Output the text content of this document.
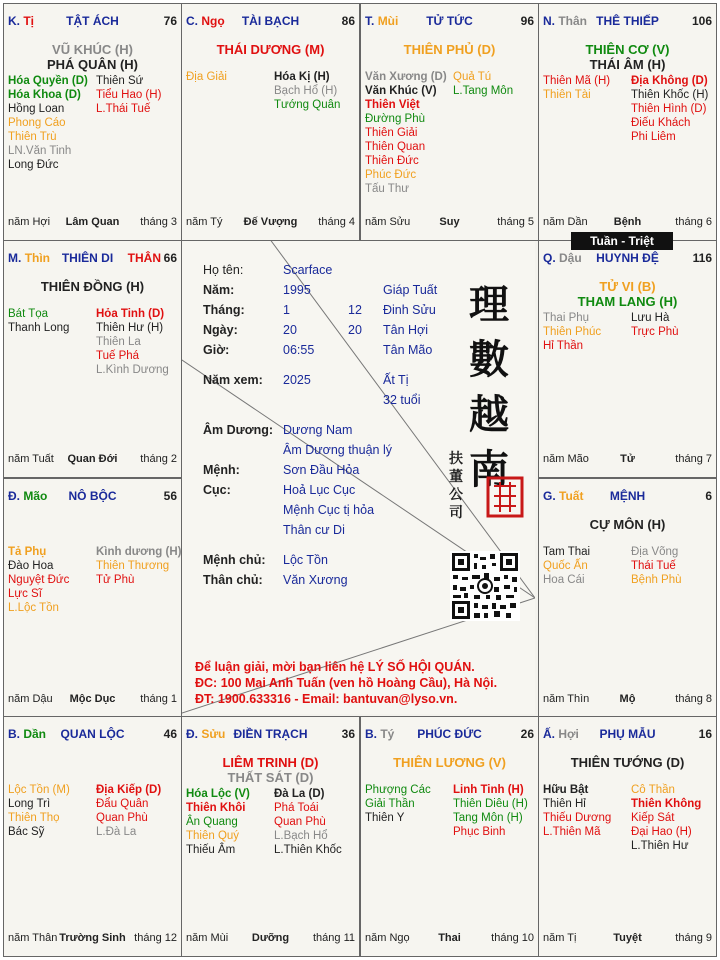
Tuần - Triệt
Họ tên:	Scarface
Năm:	1995	Giáp Tuất
Tháng:	1	12 Đinh Sửu
Ngày:	20	20 Tân Hợi
Giờ:	06:55	Tân Mão
Năm xem: 2025	Ất Tị
32 tuổi
Âm Dương: Dương Nam
Âm Dương thuận lý
Mệnh:	Sơn Đầu Hỏa
Cục:	Hoả Lục Cục
Mệnh Cục tị hỏa
Thân cư Di
Mệnh chủ: Lộc Tồn
Thân chủ: Văn Xương
理
數
越
南
扶
董
公
司
Để luận giải, mời bạn liên hệ LÝ SỐ HỘI QUÁN.
ĐC: 100 Mai Anh Tuấn (ven hồ Hoàng Cầu), Hà Nội.
ĐT: 1900.633316 - Email: bantuvan@lyso.vn.
K. Tị	TẬT ÁCH	76
VŨ KHÚC (H)
PHÁ QUÂN (H)
Hóa Quyền (D)
Hóa Khoa (D)
Hồng Loan
Phong Cáo
Thiên Trù
LN.Văn Tinh
Long Đức
Thiên Sứ
Tiểu Hao (H)
L.Thái Tuế
năm Hợi	Lâm Quan	tháng 3
C. Ngọ	TÀI BẠCH	86
THÁI DƯƠNG (M)
Địa Giải	Hóa Kị (H)
Bạch Hổ (H)
Tướng Quân
năm Tý	Đế Vượng	tháng 4
T. Mùi	TỬ TỨC	96
THIÊN PHỦ (D)
Văn Xương (D)
Văn Khúc (V)
Thiên Việt
Đường Phù
Thiên Giải
Thiên Quan
Thiên Đức
Phúc Đức
Tấu Thư
Quả Tú
L.Tang Môn
năm Sửu	Suy	tháng 5
N. Thân THÊ THIẾP	106
THIÊN CƠ (V)
THÁI ÂM (H)
Thiên Mã (H)
Thiên Tài
Địa Không (D)
Thiên Khốc (H)
Thiên Hình (D)
Điếu Khách
Phi Liêm
năm Dần	Bệnh	tháng 6
M. Thìn THIÊN DI	THÂN 66
THIÊN ĐỒNG (H)
Bát Tọa
Thanh Long
Hỏa Tinh (D)
Thiên Hư (H)
Thiên La
Tuế Phá
L.Kình Dương
năm Tuất	Quan Đới	tháng 2
Q. Dậu	HUYNH ĐỆ	116
TỬ VI (B)
THAM LANG (H)
Thai Phụ
Thiên Phúc
Hỉ Thần
Lưu Hà
Trực Phù
năm Mão	Tử	tháng 7
Đ. Mão	NÔ BỘC	56
Tả Phụ
Đào Hoa
Nguyệt Đức
Lực Sĩ
L.Lộc Tồn
Kình dương (H)
Thiên Thương
Tử Phù
năm Dậu	Mộc Dục	tháng 1
G. Tuất	MỆNH	6
CỰ MÔN (H)
Tam Thai
Quốc Ấn
Hoa Cái
Địa Võng
Thái Tuế
Bệnh Phù
năm Thìn	Mộ	tháng 8
B. Dần	QUAN LỘC	46
Lộc Tồn (M)
Long Trì
Thiên Thọ
Bác Sỹ
Địa Kiếp (D)
Đẩu Quân
Quan Phù
L.Đà La
năm Thân Trường Sinh tháng 12
Đ. Sửu ĐIỀN TRẠCH	36
LIÊM TRINH (D)
THẤT SÁT (D)
Hóa Lộc (V)
Thiên Khôi
Ân Quang
Thiên Quý
Thiếu Âm
Đà La (D)
Phá Toái
Quan Phù
L.Bạch Hổ
L.Thiên Khốc
năm Mùi	Dưỡng	tháng 11
B. Tý	PHÚC ĐỨC	26
THIÊN LƯƠNG (V)
Phượng Các
Giải Thần
Thiên Y
Linh Tinh (H)
Thiên Diêu (H)
Tang Môn (H)
Phục Binh
năm Ngọ	Thai	tháng 10
Ấ. Hợi	PHỤ MẪU	16
THIÊN TƯỚNG (D)
Hữu Bật
Thiên Hỉ
Thiếu Dương
L.Thiên Mã
Cô Thần
Thiên Không
Kiếp Sát
Đại Hao (H)
L.Thiên Hư
năm Tị	Tuyệt	tháng 9
